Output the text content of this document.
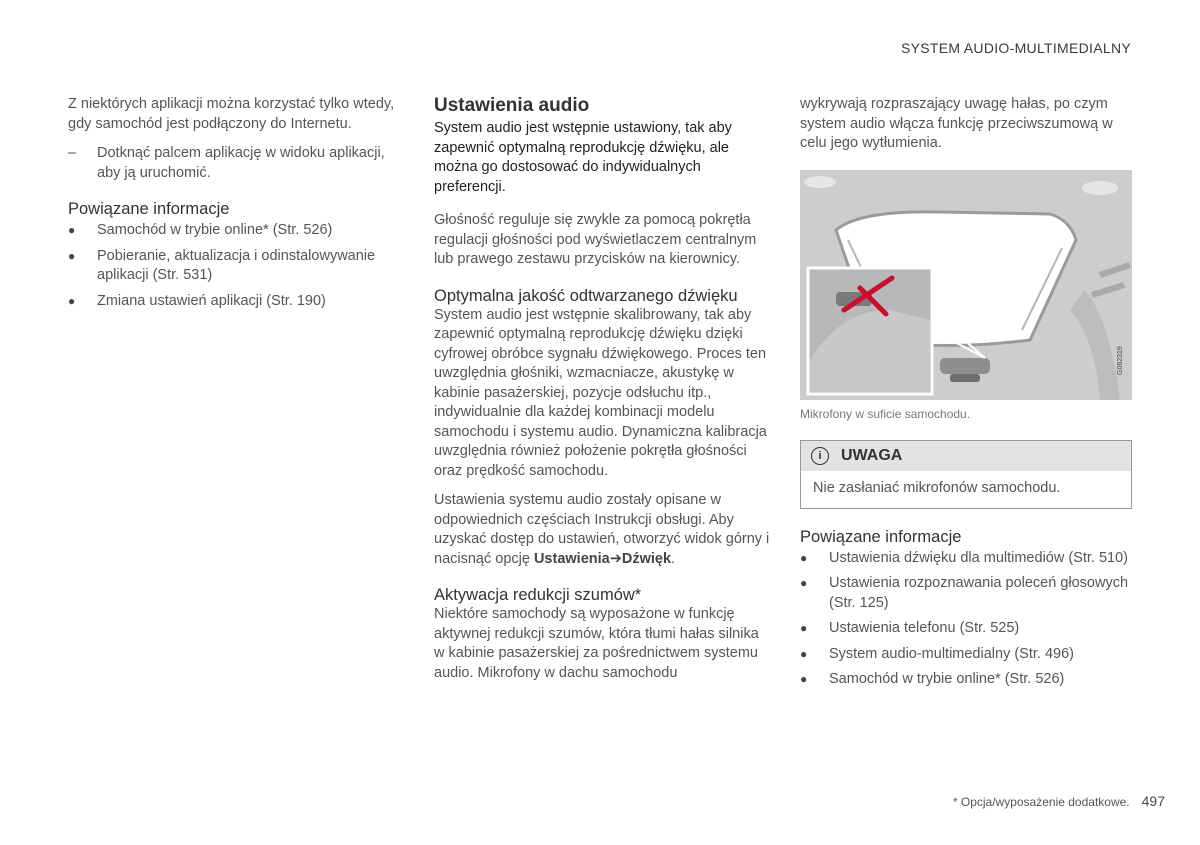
SYSTEM AUDIO-MULTIMEDIALNY

Z niektórych aplikacji można korzystać tylko wtedy, gdy samochód jest podłączony do Internetu.

–	Dotknąć palcem aplikację w widoku aplikacji, aby ją uruchomić.
Powiązane informacje
●	Samochód w trybie online* (Str. 526)
●	Pobieranie, aktualizacja i odinstalowywanie aplikacji (Str. 531)
●	Zmiana ustawień aplikacji (Str. 190)
Ustawienia audio

System audio jest wstępnie ustawiony, tak aby zapewnić optymalną reprodukcję dźwięku, ale można go dostosować do indywidualnych preferencji.

Głośność reguluje się zwykle za pomocą pokrętła regulacji głośności pod wyświetlaczem centralnym lub prawego zestawu przycisków na kierownicy.

Optymalna jakość odtwarzanego dźwięku

System audio jest wstępnie skalibrowany, tak aby zapewnić optymalną reprodukcję dźwięku dzięki cyfrowej obróbce sygnału dźwiękowego. Proces ten uwzględnia głośniki, wzmacniacze, akustykę w kabinie pasażerskiej, pozycje odsłuchu itp., indywidualnie dla każdej kombinacji modelu samochodu i systemu audio. Dynamiczna kalibracja uwzględnia również położenie pokrętła głośności oraz prędkość samochodu.

Ustawienia systemu audio zostały opisane w odpowiednich częściach Instrukcji obsługi. Aby uzyskać dostęp do ustawień, otworzyć widok górny i nacisnąć opcję Ustawienia➔Dźwięk.

Aktywacja redukcji szumów*

Niektóre samochody są wyposażone w funkcję aktywnej redukcji szumów, która tłumi hałas silnika w kabinie pasażerskiej za pośrednictwem systemu audio. Mikrofony w dachu samochodu

wykrywają rozpraszający uwagę hałas, po czym system audio włącza funkcję przeciwszumową w celu jego wytłumienia.

G062319
Mikrofony w suficie samochodu.
i	UWAGA
Nie zasłaniać mikrofonów samochodu.
Powiązane informacje
●	Ustawienia dźwięku dla multimediów (Str. 510)
●	Ustawienia rozpoznawania poleceń głosowych (Str. 125)
●	Ustawienia telefonu (Str. 525)
●	System audio-multimedialny (Str. 496)
●	Samochód w trybie online* (Str. 526)
* Opcja/wyposażenie dodatkowe. 497
